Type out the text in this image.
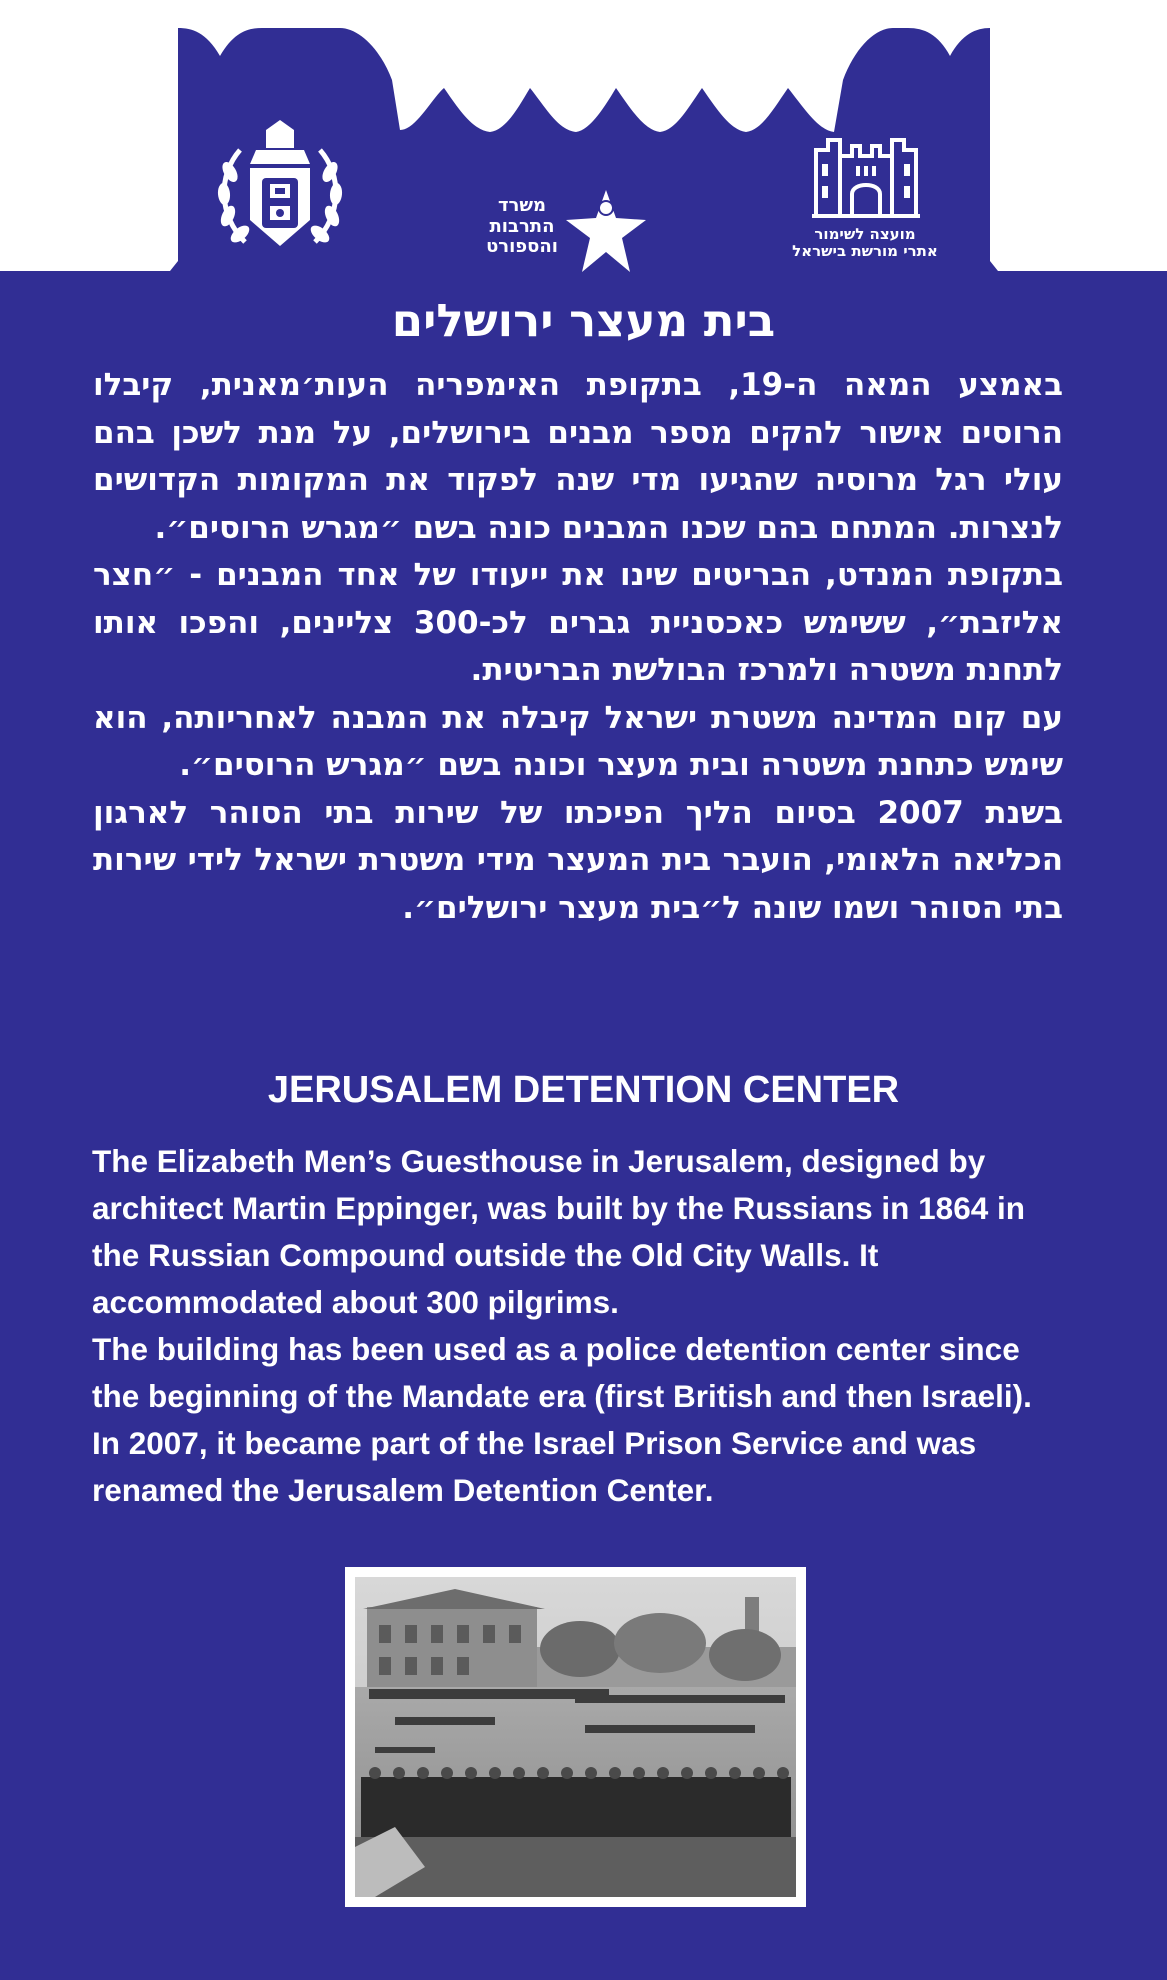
משרד
התרבות
והספורט
מועצה לשימור
אתרי מורשת בישראל
בית מעצר ירושלים

באמצע המאה ה-19, בתקופת האימפריה העות׳מאנית, קיבלו הרוסים אישור להקים מספר מבנים בירושלים, על מנת לשכן בהם עולי רגל מרוסיה שהגיעו מדי שנה לפקוד את המקומות הקדושים לנצרות. המתחם בהם שכנו המבנים כונה בשם ״מגרש הרוסים״.

בתקופת המנדט, הבריטים שינו את ייעודו של אחד המבנים - ״חצר אליזבת״, ששימש כאכסניית גברים לכ-300 צליינים, והפכו אותו לתחנת משטרה ולמרכז הבולשת הבריטית.

עם קום המדינה משטרת ישראל קיבלה את המבנה לאחריותה, הוא שימש כתחנת משטרה ובית מעצר וכונה בשם ״מגרש הרוסים״.

בשנת 2007 בסיום הליך הפיכתו של שירות בתי הסוהר לארגון הכליאה הלאומי, הועבר בית המעצר מידי משטרת ישראל לידי שירות בתי הסוהר ושמו שונה ל״בית מעצר ירושלים״.

JERUSALEM DETENTION CENTER

The Elizabeth Men’s Guesthouse in Jerusalem, designed by architect Martin Eppinger, was built by the Russians in 1864 in the Russian Compound outside the Old City Walls. It accommodated about 300 pilgrims.

The building has been used as a police detention center since the beginning of the Mandate era (first British and then Israeli). In 2007, it became part of the Israel Prison Service and was renamed the Jerusalem Detention Center.
